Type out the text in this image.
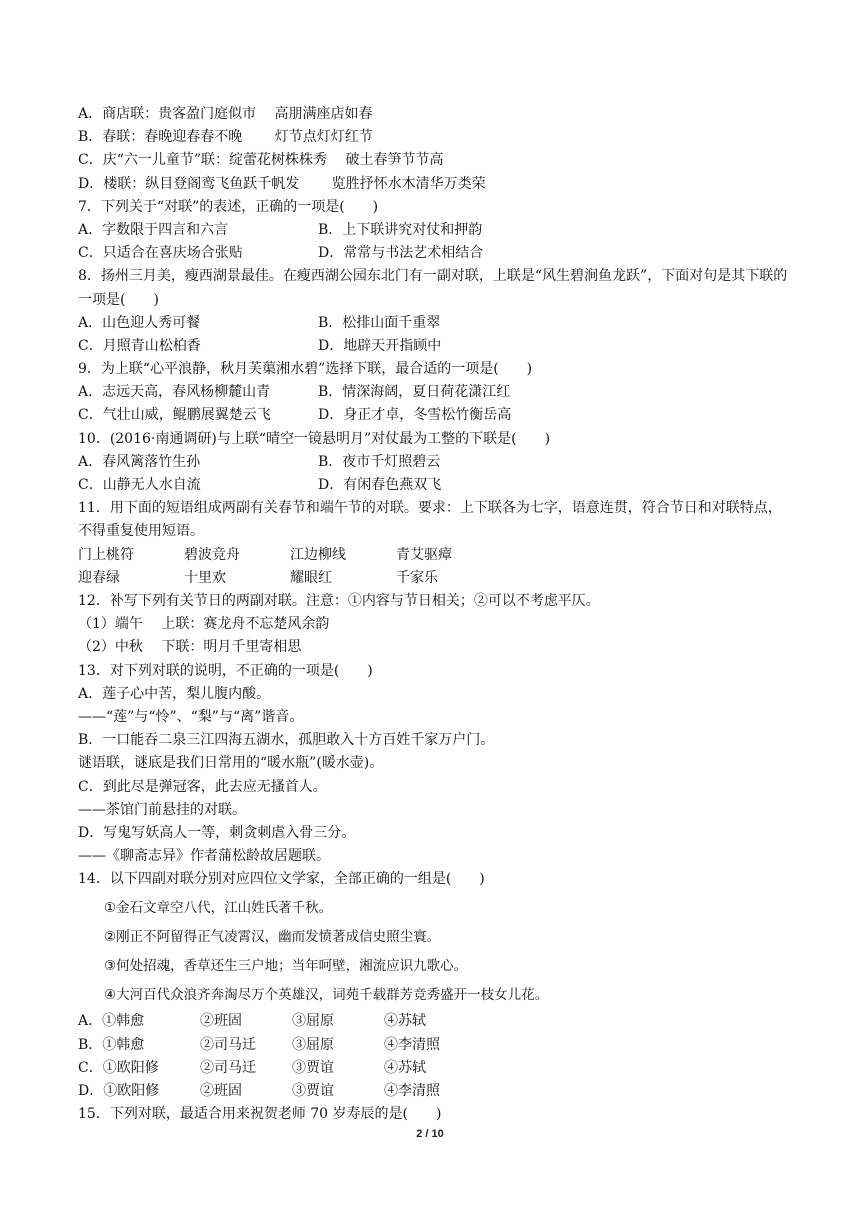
A．商店联：贵客盈门庭似市　 高朋满座店如春
B．春联：春晚迎春春不晚　　 灯节点灯灯红节
C．庆“六一儿童节”联：绽蕾花树株株秀　 破土春笋节节高
D．楼联：纵目登阁鸾飞鱼跃千帆发　　 览胜抒怀水木清华万类荣
7．下列关于“对联”的表述，正确的一项是(　　)
A．字数限于四言和六言	B．上下联讲究对仗和押韵
C．只适合在喜庆场合张贴	D．常常与书法艺术相结合
8．扬州三月美，瘦西湖景最佳。在瘦西湖公园东北门有一副对联，上联是“风生碧涧鱼龙跃”，下面对句是其下联的一项是(　　)
A．山色迎人秀可餐	B．松排山面千重翠
C．月照青山松柏香	D．地辟天开指顾中
9．为上联“心平浪静，秋月芙蕖湘水碧”选择下联，最合适的一项是(　　)
A．志远天高，春风杨柳麓山青	B．情深海阔，夏日荷花潇江红
C．气壮山威，鲲鹏展翼楚云飞	D．身正才卓，冬雪松竹衡岳高
10．(2016·南通调研)与上联“晴空一镜悬明月”对仗最为工整的下联是(　　)
A．春风篱落竹生孙	B．夜市千灯照碧云
C．山静无人水自流	D．有闲春色燕双飞
11．用下面的短语组成两副有关春节和端午节的对联。要求：上下联各为七字，语意连贯，符合节日和对联特点，不得重复使用短语。
门上桃符	碧波竞舟	江边柳线	青艾驱瘴
迎春绿	十里欢	耀眼红	千家乐
12．补写下列有关节日的两副对联。注意：①内容与节日相关；②可以不考虑平仄。
（1）端午　 上联：赛龙舟不忘楚风余韵
（2）中秋　 下联：明月千里寄相思
13．对下列对联的说明，不正确的一项是(　　)
A．莲子心中苦，梨儿腹内酸。
——“莲”与“怜”、“梨”与“离”谐音。
B．一口能吞二泉三江四海五湖水，孤胆敢入十方百姓千家万户门。
谜语联，谜底是我们日常用的“暖水瓶”(暖水壶)。
C．到此尽是弹冠客，此去应无搔首人。
——茶馆门前悬挂的对联。
D．写鬼写妖高人一等，刺贪刺虐入骨三分。
——《聊斋志异》作者蒲松龄故居题联。
14．以下四副对联分别对应四位文学家，全部正确的一组是(　　)
①金石文章空八代，江山姓氏著千秋。
②刚正不阿留得正气凌霄汉，幽而发愤著成信史照尘寰。
③何处招魂，香草还生三户地；当年呵壁，湘流应识九歌心。
④大河百代众浪齐奔淘尽万个英雄汉，词苑千载群芳竞秀盛开一枝女儿花。
A．①韩愈	②班固	③屈原	④苏轼
B．①韩愈	②司马迁	③屈原	④李清照
C．①欧阳修	②司马迁	③贾谊	④苏轼
D．①欧阳修	②班固	③贾谊	④李清照
15．下列对联，最适合用来祝贺老师 70 岁寿辰的是(　　)
2 / 10
